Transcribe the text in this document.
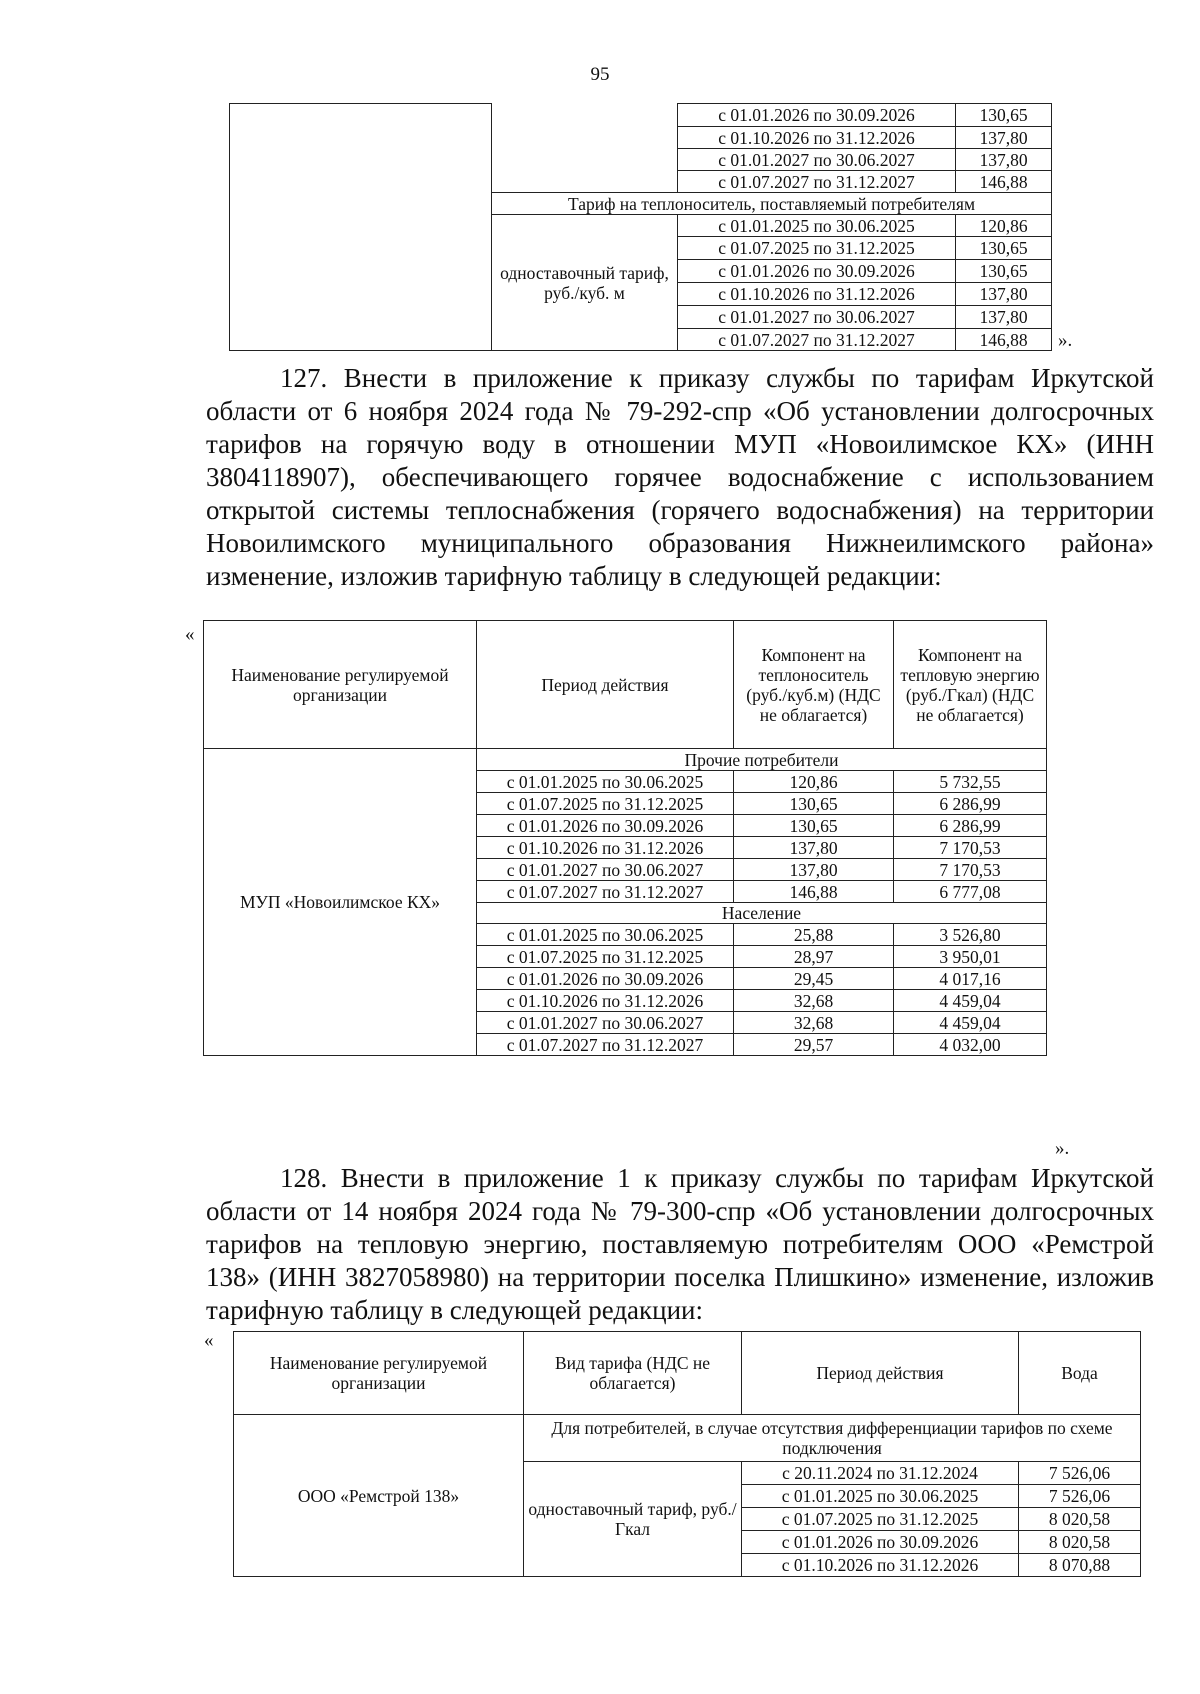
95
		с 01.01.2026 по 30.09.2026	130,65
		с 01.10.2026 по 31.12.2026	137,80
		с 01.01.2027 по 30.06.2027	137,80
		с 01.07.2027 по 31.12.2027	146,88
	Тариф на теплоноситель, поставляемый потребителям		
	одноставочный тариф, руб./куб. м	с 01.01.2025 по 30.06.2025	120,86
		с 01.07.2025 по 31.12.2025	130,65
		с 01.01.2026 по 30.09.2026	130,65
		с 01.10.2026 по 31.12.2026	137,80
		с 01.01.2027 по 30.06.2027	137,80
		с 01.07.2027 по 31.12.2027	146,88 ».

127. Внести в приложение к приказу службы по тарифам Иркутской области от 6 ноября 2024 года № 79-292-спр «Об установлении долгосрочных тарифов на горячую воду в отношении МУП «Новоилимское КХ» (ИНН 3804118907), обеспечивающего горячее водоснабжение с использованием открытой системы теплоснабжения (горячего водоснабжения) на территории Новоилимского муниципального образования Нижнеилимского района» изменение, изложив тарифную таблицу в следующей редакции:

«
Наименование регулируемой организации	Период действия	Компонент на теплоноситель (руб./куб.м) (НДС не облагается)	Компонент на тепловую энергию (руб./Гкал) (НДС не облагается)
МУП «Новоилимское КХ»	Прочие потребители		
	с 01.01.2025 по 30.06.2025	120,86	5 732,55
	с 01.07.2025 по 31.12.2025	130,65	6 286,99
	с 01.01.2026 по 30.09.2026	130,65	6 286,99
	с 01.10.2026 по 31.12.2026	137,80	7 170,53
	с 01.01.2027 по 30.06.2027	137,80	7 170,53
	с 01.07.2027 по 31.12.2027	146,88	6 777,08
	Население		
	с 01.01.2025 по 30.06.2025	25,88	3 526,80
	с 01.07.2025 по 31.12.2025	28,97	3 950,01
	с 01.01.2026 по 30.09.2026	29,45	4 017,16
	с 01.10.2026 по 31.12.2026	32,68	4 459,04
	с 01.01.2027 по 30.06.2027	32,68	4 459,04
	с 01.07.2027 по 31.12.2027	29,57	4 032,00
».

128. Внести в приложение 1 к приказу службы по тарифам Иркутской области от 14 ноября 2024 года № 79-300-спр «Об установлении долгосрочных тарифов на тепловую энергию, поставляемую потребителям ООО «Ремстрой 138» (ИНН 3827058980) на территории поселка Плишкино» изменение, изложив тарифную таблицу в следующей редакции:

«
Наименование регулируемой организации	Вид тарифа (НДС не облагается)	Период действия	Вода
ООО «Ремстрой 138»	Для потребителей, в случае отсутствия дифференциации тарифов по схеме подключения		
	одноставочный тариф, руб./Гкал	с 20.11.2024 по 31.12.2024	7 526,06
		с 01.01.2025 по 30.06.2025	7 526,06
		с 01.07.2025 по 31.12.2025	8 020,58
		с 01.01.2026 по 30.09.2026	8 020,58
		с 01.10.2026 по 31.12.2026	8 070,88
